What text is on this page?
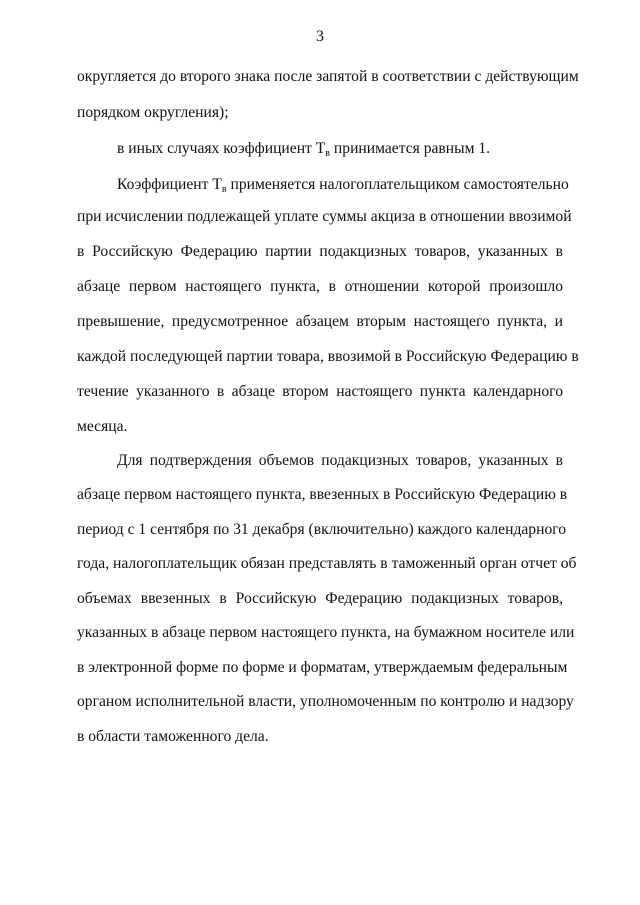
3
округляется до второго знака после запятой в соответствии с действующим
порядком округления);
в иных случаях коэффициент $Т_в$ принимается равным 1.
Коэффициент $Т_в$ применяется налогоплательщиком самостоятельно
при исчислении подлежащей уплате суммы акциза в отношении ввозимой
в Российскую Федерацию партии подакцизных товаров, указанных в
абзаце первом настоящего пункта, в отношении которой произошло
превышение, предусмотренное абзацем вторым настоящего пункта, и
каждой последующей партии товара, ввозимой в Российскую Федерацию в
течение указанного в абзаце втором настоящего пункта календарного
месяца.
Для подтверждения объемов подакцизных товаров, указанных в
абзаце первом настоящего пункта, ввезенных в Российскую Федерацию в
период с 1 сентября по 31 декабря (включительно) каждого календарного
года, налогоплательщик обязан представлять в таможенный орган отчет об
объемах ввезенных в Российскую Федерацию подакцизных товаров,
указанных в абзаце первом настоящего пункта, на бумажном носителе или
в электронной форме по форме и форматам, утверждаемым федеральным
органом исполнительной власти, уполномоченным по контролю и надзору
в области таможенного дела.
